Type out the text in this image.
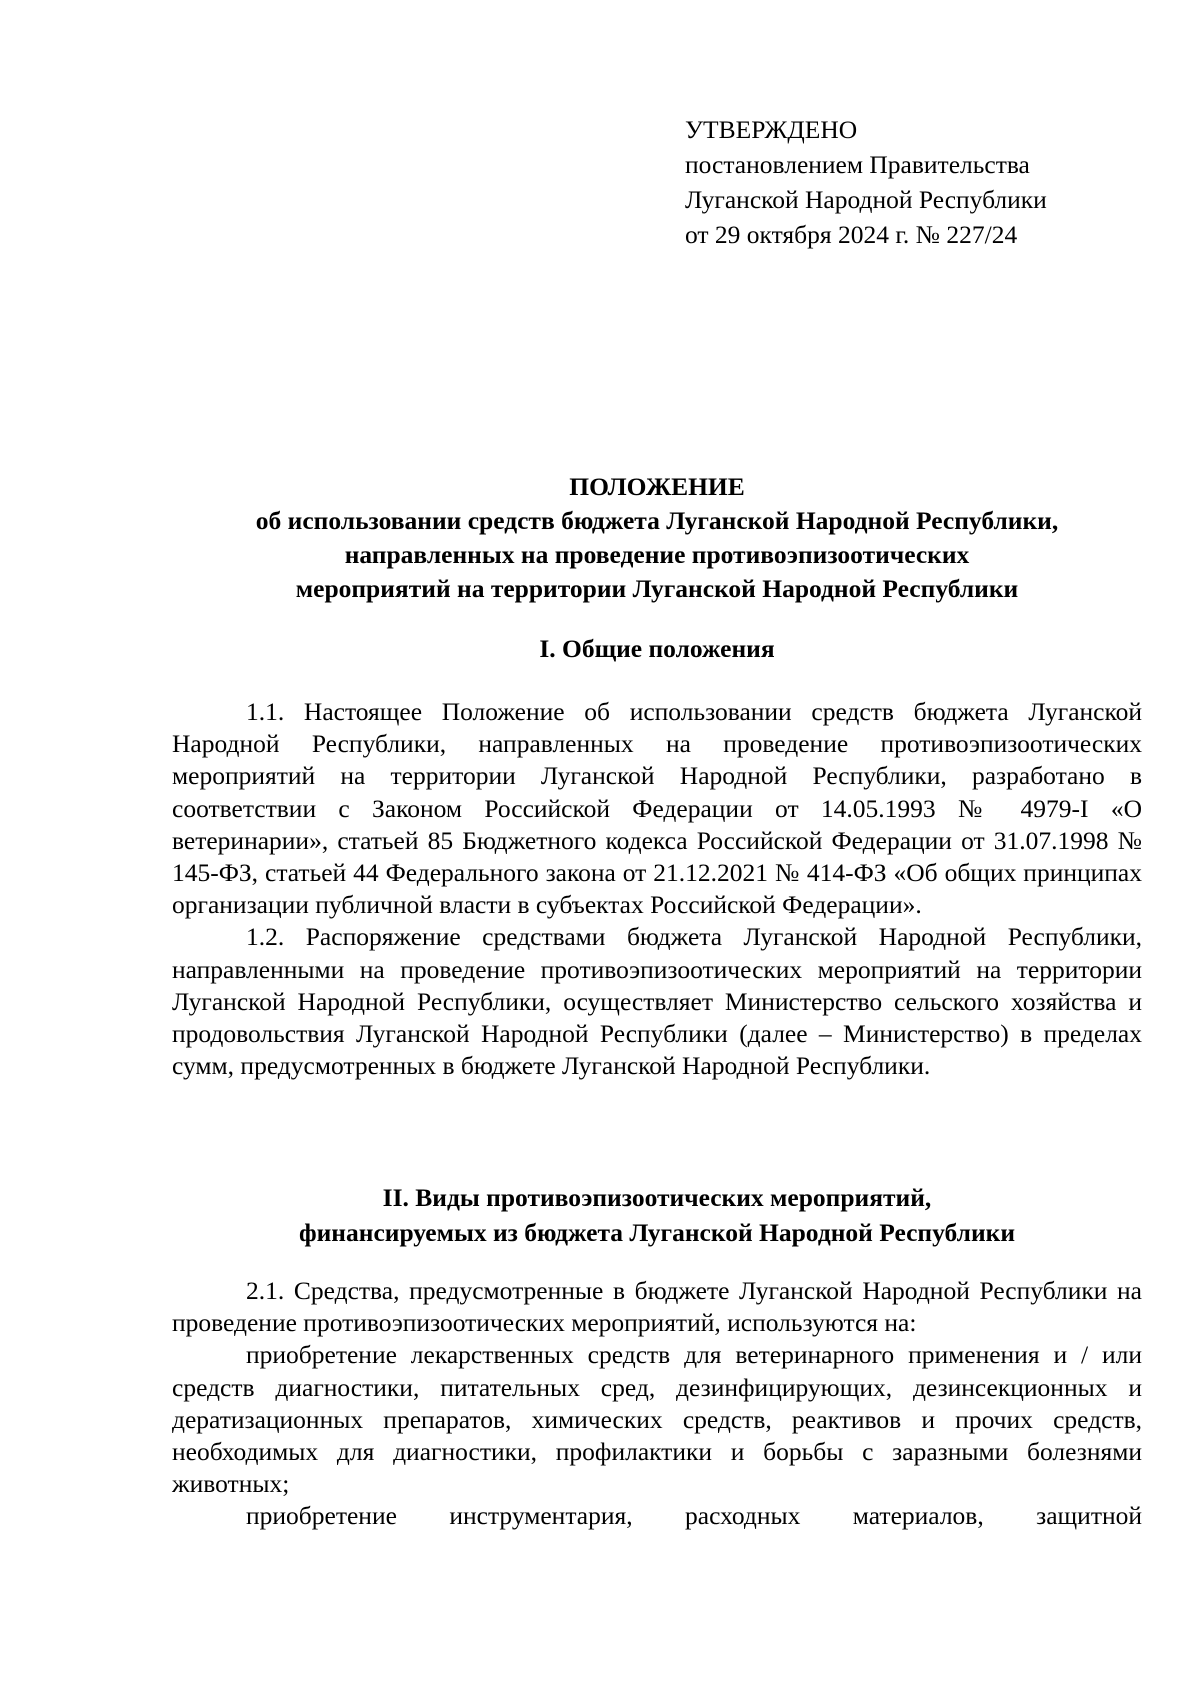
УТВЕРЖДЕНО
постановлением Правительства
Луганской Народной Республики
от 29 октября 2024 г. № 227/24
ПОЛОЖЕНИЕ
об использовании средств бюджета Луганской Народной Республики,
направленных на проведение противоэпизоотических
мероприятий на территории Луганской Народной Республики
I. Общие положения

1.1. Настоящее Положение об использовании средств бюджета Луганской Народной Республики, направленных на проведение противоэпизоотических мероприятий на территории Луганской Народной Республики, разработано в соответствии с Законом Российской Федерации от 14.05.1993 № 4979-I «О ветеринарии», статьей 85 Бюджетного кодекса Российской Федерации от 31.07.1998 № 145-ФЗ, статьей 44 Федерального закона от 21.12.2021 № 414-ФЗ «Об общих принципах организации публичной власти в субъектах Российской Федерации».

1.2. Распоряжение средствами бюджета Луганской Народной Республики, направленными на проведение противоэпизоотических мероприятий на территории Луганской Народной Республики, осуществляет Министерство сельского хозяйства и продовольствия Луганской Народной Республики (далее – Министерство) в пределах сумм, предусмотренных в бюджете Луганской Народной Республики.

II. Виды противоэпизоотических мероприятий,
финансируемых из бюджета Луганской Народной Республики

2.1. Средства, предусмотренные в бюджете Луганской Народной Республики на проведение противоэпизоотических мероприятий, используются на:

приобретение лекарственных средств для ветеринарного применения и / или средств диагностики, питательных сред, дезинфицирующих, дезинсекционных и дератизационных препаратов, химических средств, реактивов и прочих средств, необходимых для диагностики, профилактики и борьбы с заразными болезнями животных;

приобретение инструментария, расходных материалов, защитной
